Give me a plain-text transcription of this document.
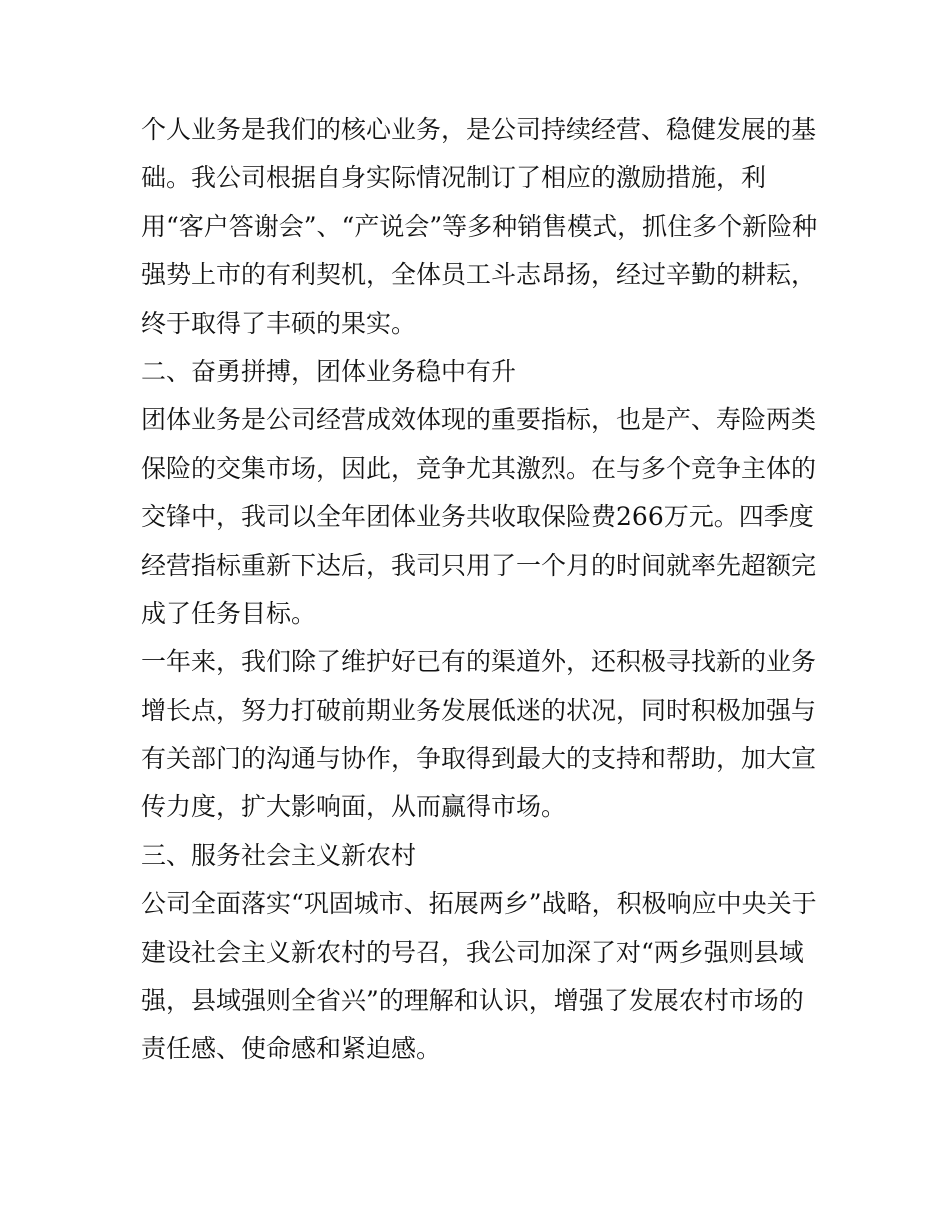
个人业务是我们的核心业务，是公司持续经营、稳健发展的基
础。我公司根据自身实际情况制订了相应的激励措施，利
用“客户答谢会”、“产说会”等多种销售模式，抓住多个新险种
强势上市的有利契机，全体员工斗志昂扬，经过辛勤的耕耘，
终于取得了丰硕的果实。
二、奋勇拼搏，团体业务稳中有升
团体业务是公司经营成效体现的重要指标，也是产、寿险两类
保险的交集市场，因此，竞争尤其激烈。在与多个竞争主体的
交锋中，我司以全年团体业务共收取保险费266万元。四季度
经营指标重新下达后，我司只用了一个月的时间就率先超额完
成了任务目标。
一年来，我们除了维护好已有的渠道外，还积极寻找新的业务
增长点，努力打破前期业务发展低迷的状况，同时积极加强与
有关部门的沟通与协作，争取得到最大的支持和帮助，加大宣
传力度，扩大影响面，从而赢得市场。
三、服务社会主义新农村
公司全面落实“巩固城市、拓展两乡”战略，积极响应中央关于
建设社会主义新农村的号召，我公司加深了对“两乡强则县域
强，县域强则全省兴”的理解和认识，增强了发展农村市场的
责任感、使命感和紧迫感。
